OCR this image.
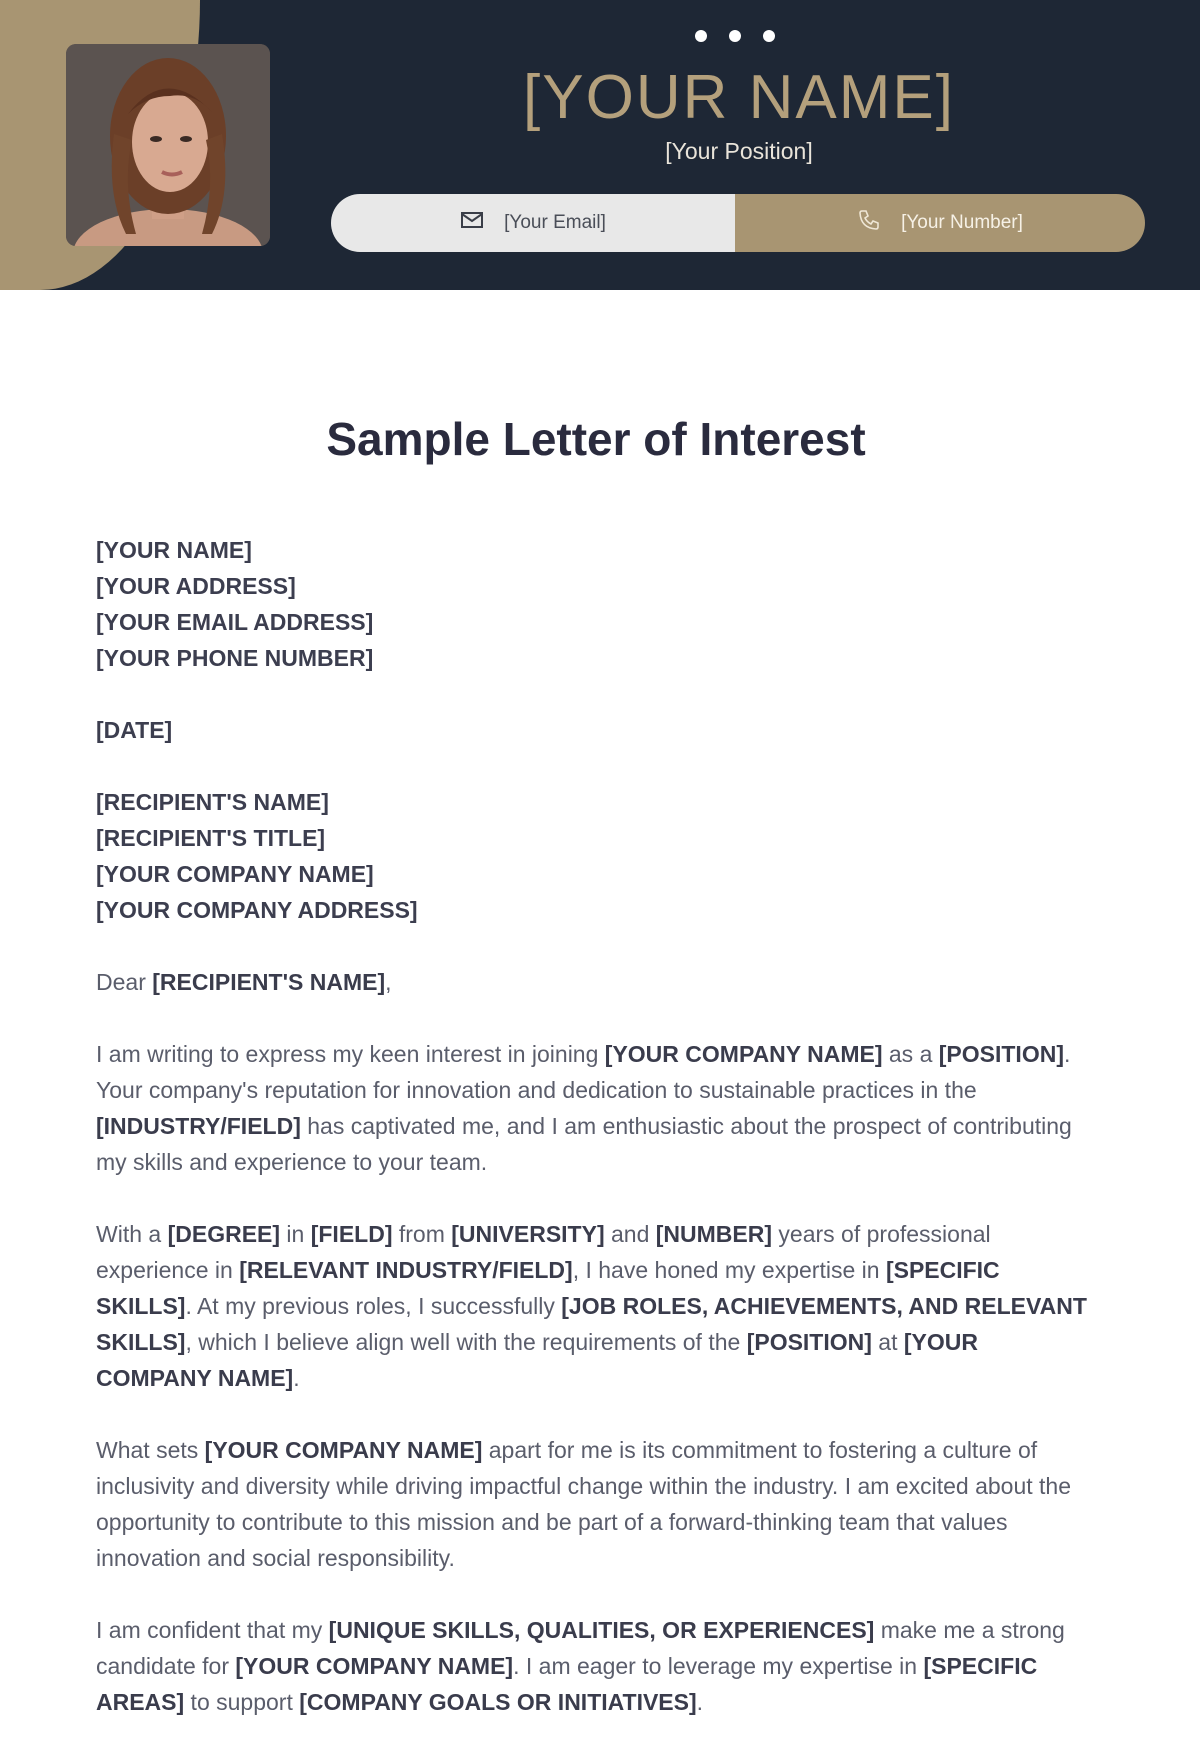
[YOUR NAME]
[Your Position]
[Your Email]	[Your Number]
Sample Letter of Interest
[YOUR NAME]
[YOUR ADDRESS]
[YOUR EMAIL ADDRESS]
[YOUR PHONE NUMBER]
[DATE]
[RECIPIENT'S NAME]
[RECIPIENT'S TITLE]
[YOUR COMPANY NAME]
[YOUR COMPANY ADDRESS]

Dear [RECIPIENT'S NAME],

I am writing to express my keen interest in joining [YOUR COMPANY NAME] as a [POSITION]. Your company's reputation for innovation and dedication to sustainable practices in the [INDUSTRY/FIELD] has captivated me, and I am enthusiastic about the prospect of contributing my skills and experience to your team.

With a [DEGREE] in [FIELD] from [UNIVERSITY] and [NUMBER] years of professional experience in [RELEVANT INDUSTRY/FIELD], I have honed my expertise in [SPECIFIC SKILLS]. At my previous roles, I successfully [JOB ROLES, ACHIEVEMENTS, AND RELEVANT SKILLS], which I believe align well with the requirements of the [POSITION] at [YOUR COMPANY NAME].

What sets [YOUR COMPANY NAME] apart for me is its commitment to fostering a culture of inclusivity and diversity while driving impactful change within the industry. I am excited about the opportunity to contribute to this mission and be part of a forward-thinking team that values innovation and social responsibility.

I am confident that my [UNIQUE SKILLS, QUALITIES, OR EXPERIENCES] make me a strong candidate for [YOUR COMPANY NAME]. I am eager to leverage my expertise in [SPECIFIC AREAS] to support [COMPANY GOALS OR INITIATIVES].
